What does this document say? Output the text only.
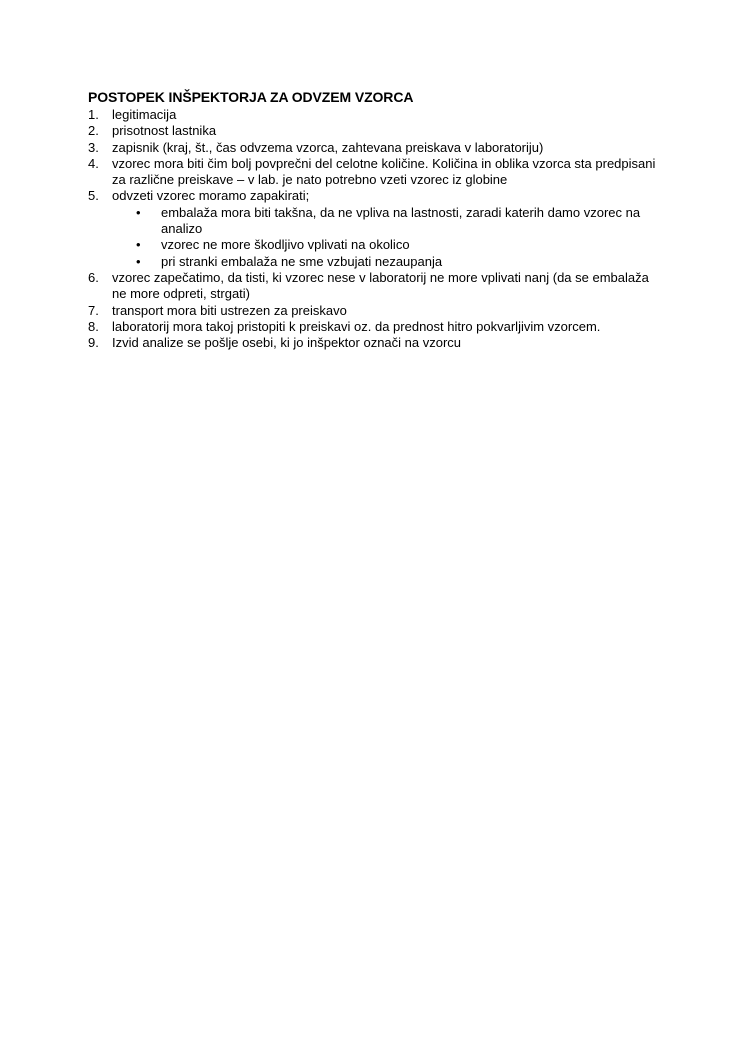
POSTOPEK INŠPEKTORJA ZA ODVZEM VZORCA
1.	legitimacija
2.	prisotnost lastnika
3.	zapisnik (kraj, št., čas odvzema vzorca, zahtevana preiskava v laboratoriju)
4.	vzorec mora biti čim bolj povprečni del celotne količine. Količina in oblika vzorca sta predpisani za različne preiskave – v lab. je nato potrebno vzeti vzorec iz globine
5.	odvzeti vzorec moramo zapakirati;
• embalaža mora biti takšna, da ne vpliva na lastnosti, zaradi katerih damo vzorec na analizo
• vzorec ne more škodljivo vplivati na okolico
• pri stranki embalaža ne sme vzbujati nezaupanja
6.	vzorec zapečatimo, da tisti, ki vzorec nese v laboratorij ne more vplivati nanj (da se embalaža ne more odpreti, strgati)
7.	transport mora biti ustrezen za preiskavo
8.	laboratorij mora takoj pristopiti k preiskavi oz. da prednost hitro pokvarljivim vzorcem.
9.	Izvid analize se pošlje osebi, ki jo inšpektor označi na vzorcu
